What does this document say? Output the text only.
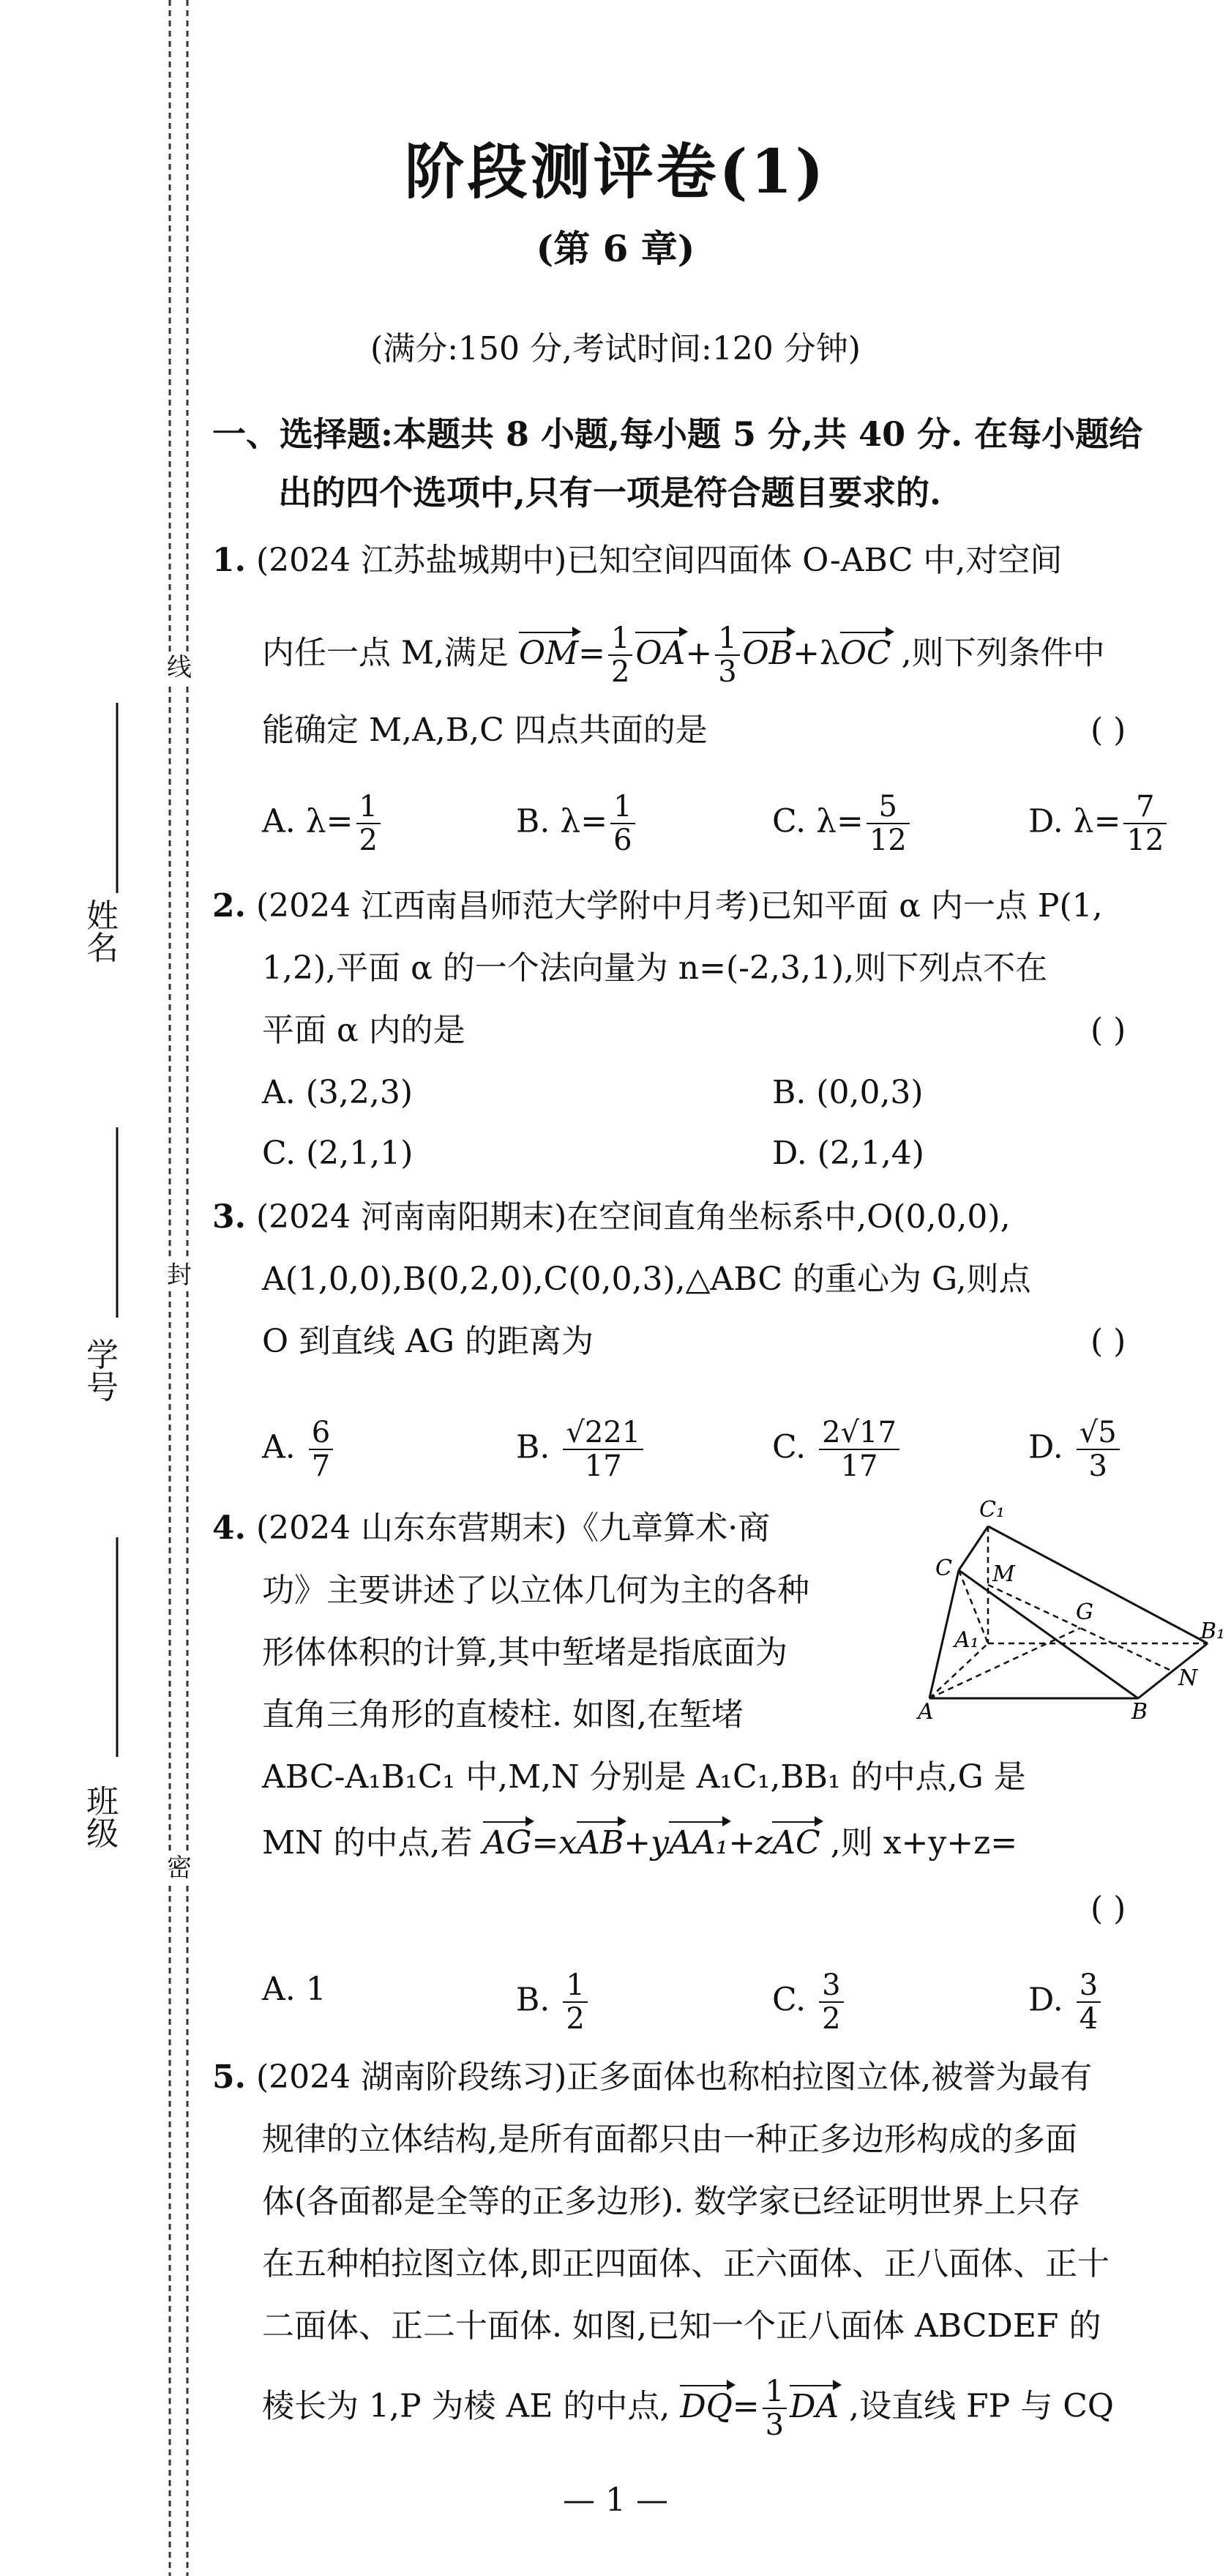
姓名
学号
班级
线
封
密
阶段测评卷(1)
(第 6 章)
(满分:150 分,考试时间:120 分钟)
一、选择题:本题共 8 小题,每小题 5 分,共 40 分. 在每小题给
出的四个选项中,只有一项是符合题目要求的.
1. (2024 江苏盐城期中)已知空间四面体 O-ABC 中,对空间
内任一点 M,满足 $OM= \frac{1}{2} OA+ \frac{1}{3} OB+\lambda OC$ ,则下列条件中
能确定 M,A,B,C 四点共面的是	( )
A. $\lambda= \frac{1}{2}$	B. $\lambda= \frac{1}{6}$	C. $\lambda= \frac{5}{12}$	D. $\lambda= \frac{7}{12}$
2. (2024 江西南昌师范大学附中月考)已知平面 α 内一点 P(1,
1,2),平面 α 的一个法向量为 n=(-2,3,1),则下列点不在
平面 α 内的是	( )
A. (3,2,3)	B. (0,0,3)
C. (2,1,1)	D. (2,1,4)
3. (2024 河南南阳期末)在空间直角坐标系中,O(0,0,0),
A(1,0,0),B(0,2,0),C(0,0,3),△ABC 的重心为 G,则点
O 到直线 AG 的距离为	( )
A. $\frac{6}{7}$	B. $\frac{√221}{17}$	C. $\frac{2√17}{17}$	D. $\frac{√5}{3}$
4. (2024 山东东营期末)《九章算术·商
功》主要讲述了以立体几何为主的各种
形体体积的计算,其中堑堵是指底面为
直角三角形的直棱柱. 如图,在堑堵
ABC-A₁B₁C₁ 中,M,N 分别是 A₁C₁,BB₁ 的中点,G 是
MN 的中点,若 AG=xAB+yAA₁+zAC ,则 x+y+z=
( )
A. 1	B. $\frac{1}{2}$	C. $\frac{3}{2}$	D. $\frac{3}{4}$
C₁
C M
A₁
G
B₁
N
A	B
5. (2024 湖南阶段练习)正多面体也称柏拉图立体,被誉为最有
规律的立体结构,是所有面都只由一种正多边形构成的多面
体(各面都是全等的正多边形). 数学家已经证明世界上只存
在五种柏拉图立体,即正四面体、正六面体、正八面体、正十
二面体、正二十面体. 如图,已知一个正八面体 ABCDEF 的
棱长为 1,P 为棱 AE 的中点, $DQ= \frac{1}{3}$ DA ,设直线 FP 与 CQ
— 1 —
